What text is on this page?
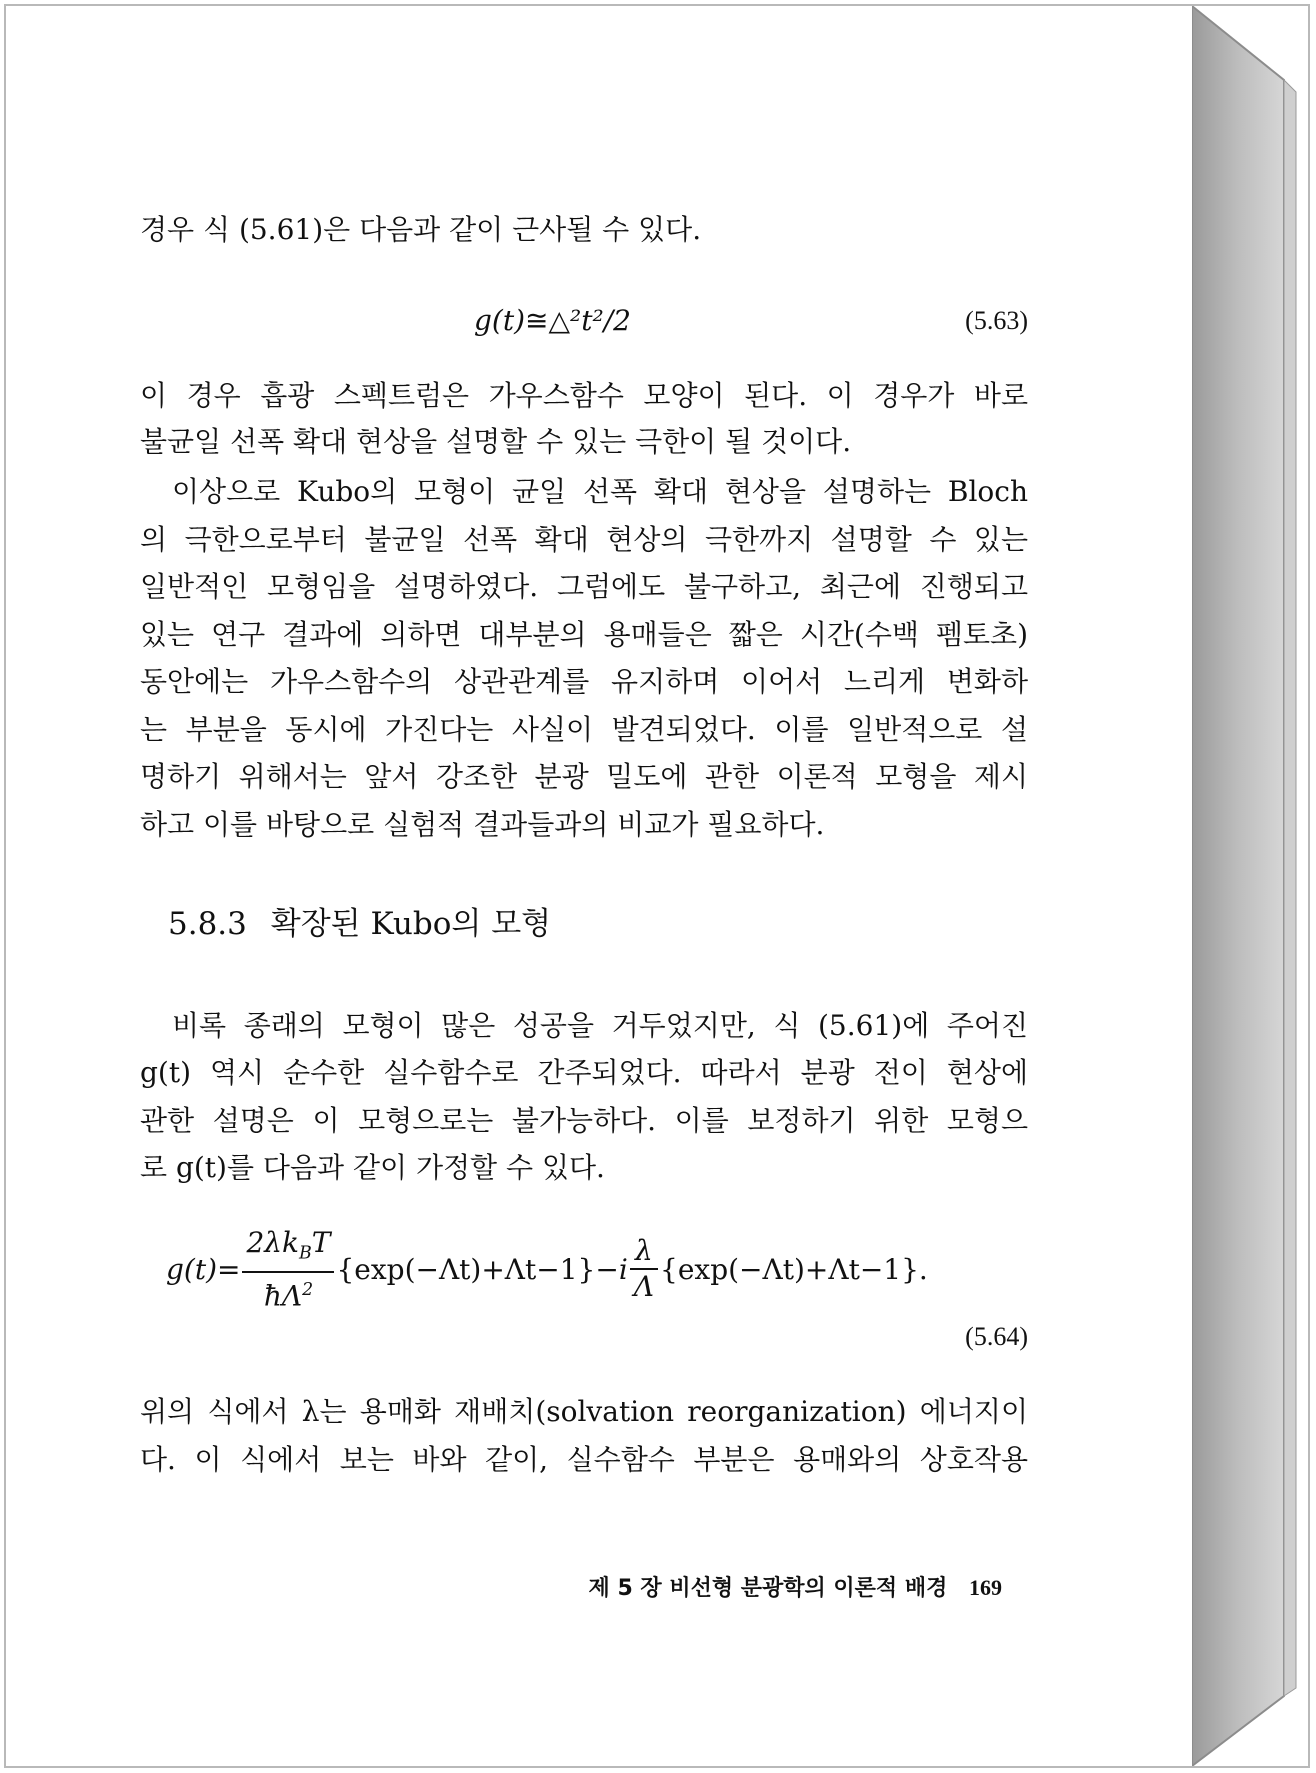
경우 식 (5.61)은 다음과 같이 근사될 수 있다.
g(t)≅△²t²/2	(5.63)
이 경우 흡광 스펙트럼은 가우스함수 모양이 된다. 이 경우가 바로
불균일 선폭 확대 현상을 설명할 수 있는 극한이 될 것이다.
이상으로 Kubo의 모형이 균일 선폭 확대 현상을 설명하는 Bloch
의 극한으로부터 불균일 선폭 확대 현상의 극한까지 설명할 수 있는
일반적인 모형임을 설명하였다. 그럼에도 불구하고, 최근에 진행되고
있는 연구 결과에 의하면 대부분의 용매들은 짧은 시간(수백 펨토초)
동안에는 가우스함수의 상관관계를 유지하며 이어서 느리게 변화하
는 부분을 동시에 가진다는 사실이 발견되었다. 이를 일반적으로 설
명하기 위해서는 앞서 강조한 분광 밀도에 관한 이론적 모형을 제시
하고 이를 바탕으로 실험적 결과들과의 비교가 필요하다.
5.8.3 확장된 Kubo의 모형
비록 종래의 모형이 많은 성공을 거두었지만, 식 (5.61)에 주어진
g(t) 역시 순수한 실수함수로 간주되었다. 따라서 분광 전이 현상에
관한 설명은 이 모형으로는 불가능하다. 이를 보정하기 위한 모형으
로 g(t)를 다음과 같이 가정할 수 있다.
$g(t)= \frac{2\lambda k_BT}{ħ\Lambda^2} \{\exp(-\Lambda t)+\Lambda t-1\}-i \frac{\lambda}{\Lambda} \{\exp(-\Lambda t)+\Lambda t-1\}$.
(5.64)
위의 식에서 λ는 용매화 재배치(solvation reorganization) 에너지이
다. 이 식에서 보는 바와 같이, 실수함수 부분은 용매와의 상호작용
제 5 장 비선형 분광학의 이론적 배경 169
